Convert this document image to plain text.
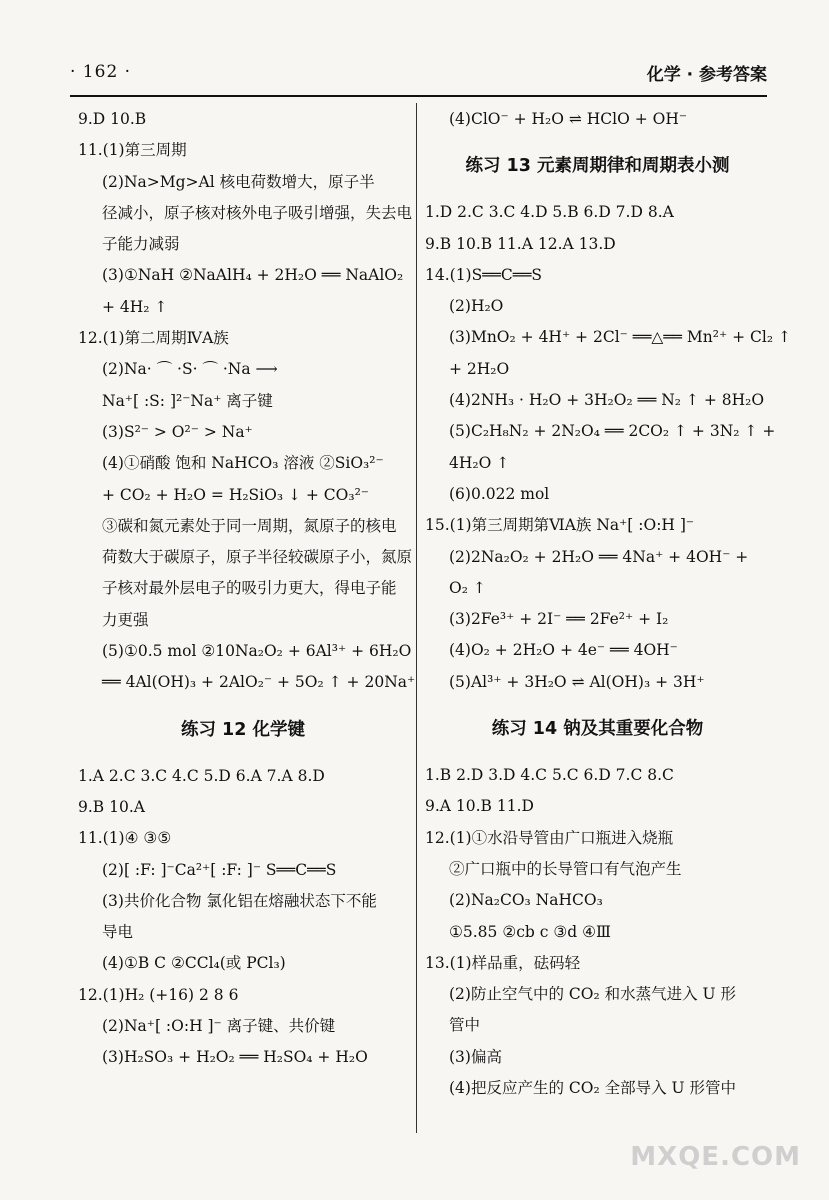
· 162 ·	化学 · 参考答案
9.D 10.B
11.(1)第三周期
(2)Na>Mg>Al 核电荷数增大，原子半
径减小，原子核对核外电子吸引增强，失去电
子能力减弱
(3)①NaH ②NaAlH₄ + 2H₂O ══ NaAlO₂
+ 4H₂ ↑
12.(1)第二周期ⅣA族
(2)Na· ⌒ ·S· ⌒ ·Na ⟶
Na⁺[ :S: ]²⁻Na⁺ 离子键
(3)S²⁻ > O²⁻ > Na⁺
(4)①硝酸 饱和 NaHCO₃ 溶液 ②SiO₃²⁻
+ CO₂ + H₂O = H₂SiO₃ ↓ + CO₃²⁻
③碳和氮元素处于同一周期，氮原子的核电
荷数大于碳原子，原子半径较碳原子小，氮原
子核对最外层电子的吸引力更大，得电子能
力更强
(5)①0.5 mol ②10Na₂O₂ + 6Al³⁺ + 6H₂O
══ 4Al(OH)₃ + 2AlO₂⁻ + 5O₂ ↑ + 20Na⁺
练习 12 化学键
1.A 2.C 3.C 4.C 5.D 6.A 7.A 8.D
9.B 10.A
11.(1)④ ③⑤
(2)[ :F: ]⁻Ca²⁺[ :F: ]⁻ S══C══S
(3)共价化合物 氯化铝在熔融状态下不能
导电
(4)①B C ②CCl₄(或 PCl₃)
12.(1)H₂ (+16) 2 8 6
(2)Na⁺[ :O:H ]⁻ 离子键、共价键
(3)H₂SO₃ + H₂O₂ ══ H₂SO₄ + H₂O
(4)ClO⁻ + H₂O ⇌ HClO + OH⁻
练习 13 元素周期律和周期表小测
1.D 2.C 3.C 4.D 5.B 6.D 7.D 8.A
9.B 10.B 11.A 12.A 13.D
14.(1)S══C══S
(2)H₂O
(3)MnO₂ + 4H⁺ + 2Cl⁻ ══△══ Mn²⁺ + Cl₂ ↑
+ 2H₂O
(4)2NH₃ · H₂O + 3H₂O₂ ══ N₂ ↑ + 8H₂O
(5)C₂H₈N₂ + 2N₂O₄ ══ 2CO₂ ↑ + 3N₂ ↑ +
4H₂O ↑
(6)0.022 mol
15.(1)第三周期第ⅥA族 Na⁺[ :O:H ]⁻
(2)2Na₂O₂ + 2H₂O ══ 4Na⁺ + 4OH⁻ +
O₂ ↑
(3)2Fe³⁺ + 2I⁻ ══ 2Fe²⁺ + I₂
(4)O₂ + 2H₂O + 4e⁻ ══ 4OH⁻
(5)Al³⁺ + 3H₂O ⇌ Al(OH)₃ + 3H⁺
练习 14 钠及其重要化合物
1.B 2.D 3.D 4.C 5.C 6.D 7.C 8.C
9.A 10.B 11.D
12.(1)①水沿导管由广口瓶进入烧瓶
②广口瓶中的长导管口有气泡产生
(2)Na₂CO₃ NaHCO₃
①5.85 ②cb c ③d ④Ⅲ
13.(1)样品重，砝码轻
(2)防止空气中的 CO₂ 和水蒸气进入 U 形
管中
(3)偏高
(4)把反应产生的 CO₂ 全部导入 U 形管中
MXQE.COM
